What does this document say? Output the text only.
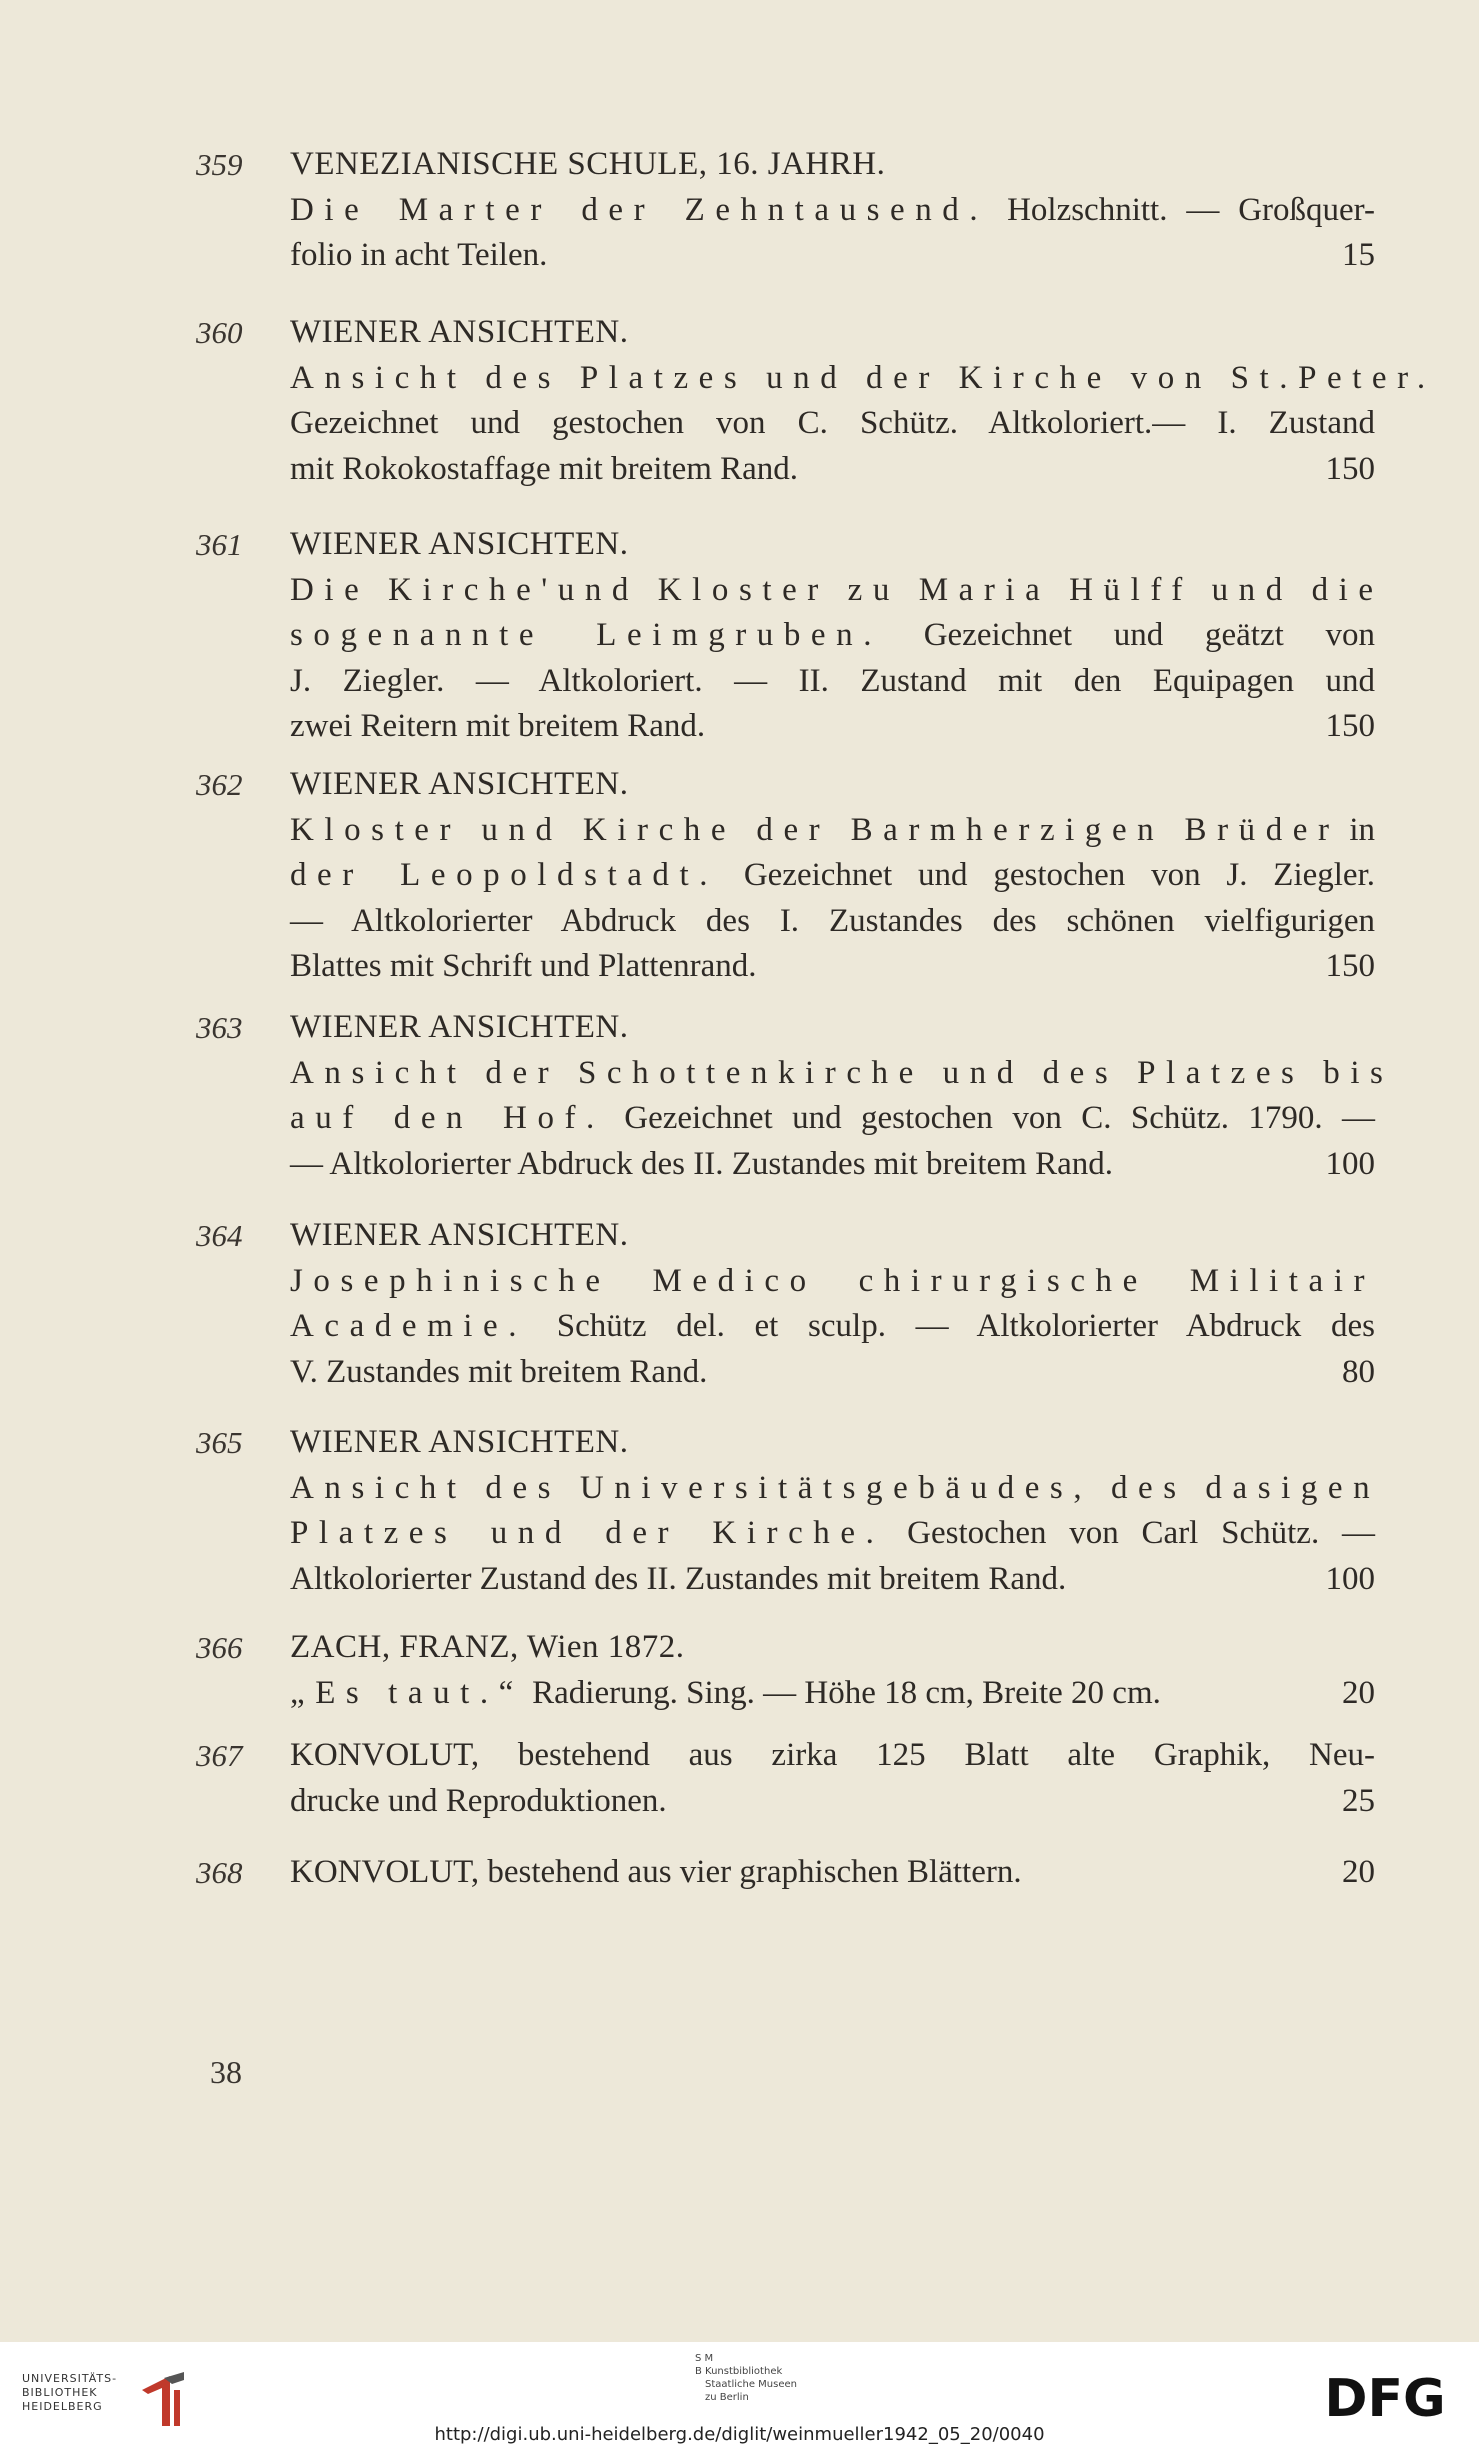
359 VENEZIANISCHE SCHULE, 16. JAHRH.
Die Marter der Zehntausend. Holzschnitt. — Großquer-
folio in acht Teilen.	15
360 WIENER ANSICHTEN.
Ansicht des Platzes und der Kirche von St.Peter.
Gezeichnet und gestochen von C. Schütz. Altkoloriert.— I. Zustand
mit Rokokostaffage mit breitem Rand.	150
361 WIENER ANSICHTEN.
Die Kirche'und Kloster zu Maria Hülff und die
sogenannte Leimgruben. Gezeichnet und geätzt von
J. Ziegler. — Altkoloriert. — II. Zustand mit den Equipagen und
zwei Reitern mit breitem Rand.	150
362 WIENER ANSICHTEN.
Kloster und Kirche der Barmherzigen Brüder in
der Leopoldstadt. Gezeichnet und gestochen von J. Ziegler.
— Altkolorierter Abdruck des I. Zustandes des schönen vielfigurigen
Blattes mit Schrift und Plattenrand.	150
363 WIENER ANSICHTEN.
Ansicht der Schottenkirche und des Platzes bis
auf den Hof. Gezeichnet und gestochen von C. Schütz. 1790. —
— Altkolorierter Abdruck des II. Zustandes mit breitem Rand.	100
364 WIENER ANSICHTEN.
Josephinische Medico chirurgische Militair
Academie. Schütz del. et sculp. — Altkolorierter Abdruck des
V. Zustandes mit breitem Rand.	80
365 WIENER ANSICHTEN.
Ansicht des Universitätsgebäudes, des dasigen
Platzes und der Kirche. Gestochen von Carl Schütz. —
Altkolorierter Zustand des II. Zustandes mit breitem Rand.	100
366 ZACH, FRANZ, Wien 1872.
„Es taut.“ Radierung. Sing. — Höhe 18 cm, Breite 20 cm.	20
367 KONVOLUT, bestehend aus zirka 125 Blatt alte Graphik, Neu-
drucke und Reproduktionen.	25
368 KONVOLUT, bestehend aus vier graphischen Blättern.	20
38
UNIVERSITÄTS-
BIBLIOTHEK
HEIDELBERG
S M
B Kunstbibliothek
Staatliche Museen
zu Berlin	DFG
http://digi.ub.uni-heidelberg.de/diglit/weinmueller1942_05_20/0040
